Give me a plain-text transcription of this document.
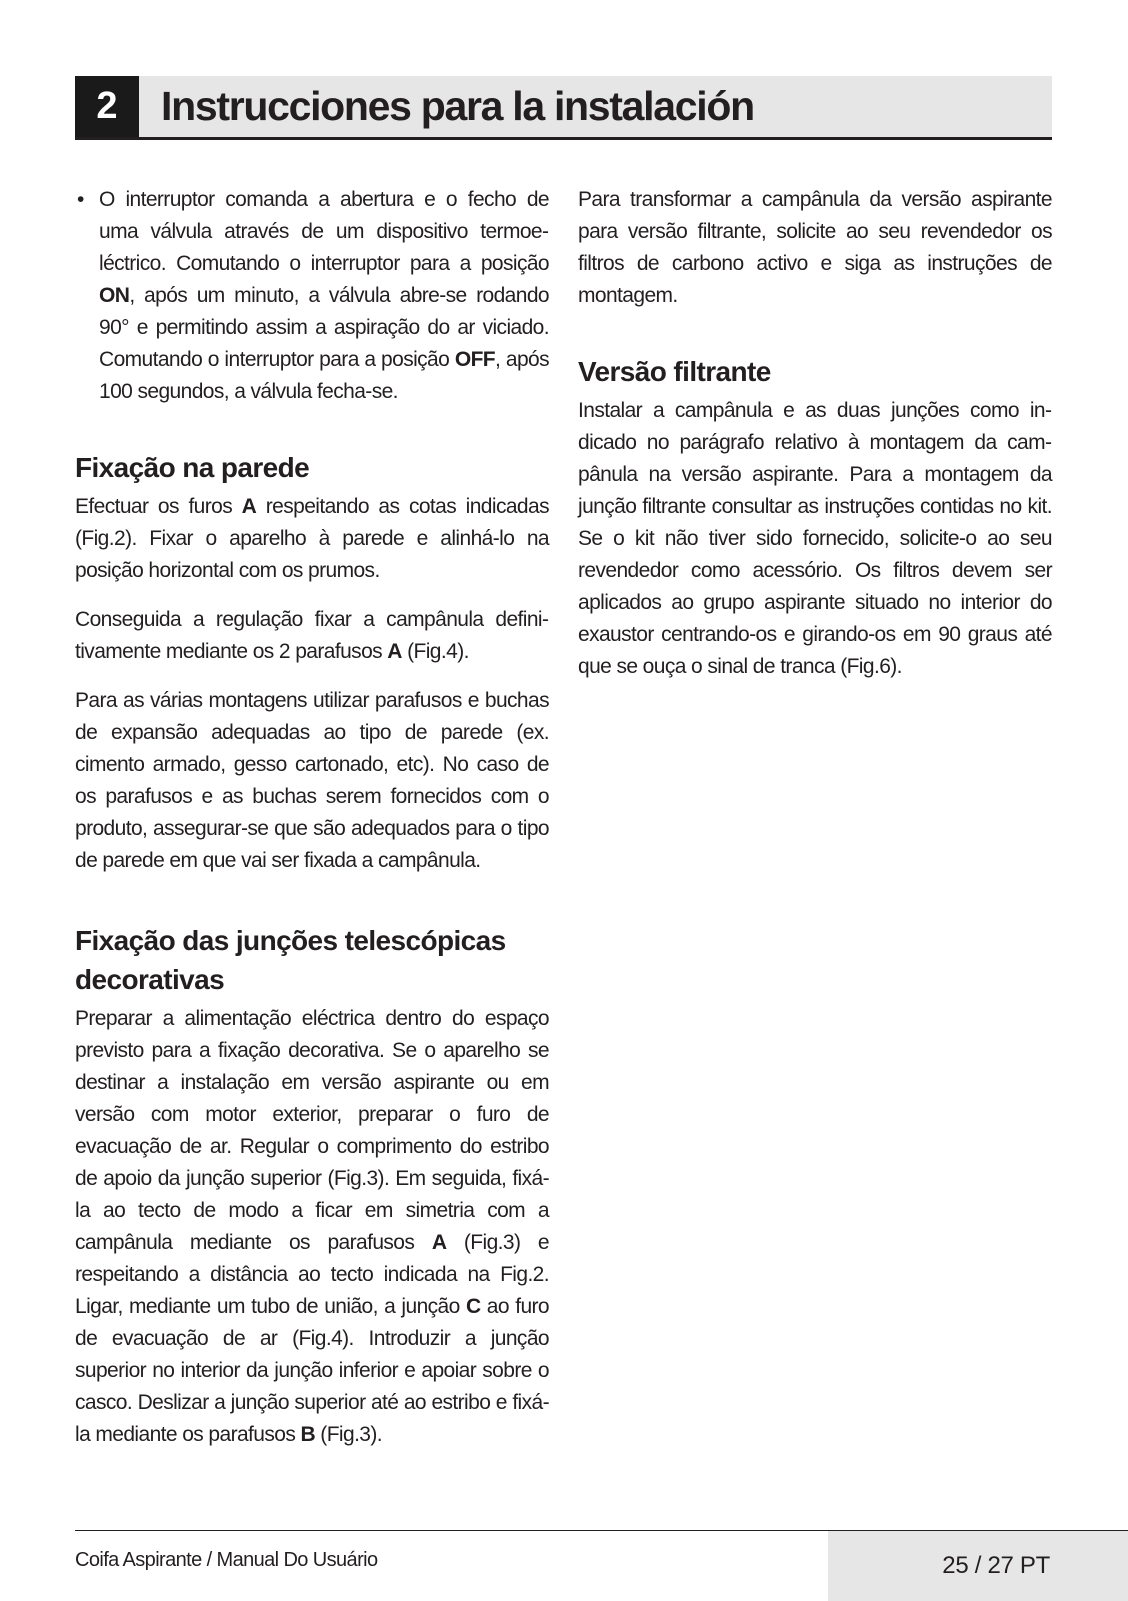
2	Instrucciones para la instalación
• O interruptor comanda a abertura e o fecho de uma válvula através de um dispositivo termoeléctrico. Comutando o interruptor para a posição ON, após um minuto, a válvula abre-se rodando 90° e permitindo assim a aspiração do ar viciado. Comutando o interruptor para a posição OFF, após 100 segundos, a válvula fecha-se.

Fixação na parede

Efectuar os furos A respeitando as cotas indicadas (Fig.2). Fixar o aparelho à parede e alinhá-lo na posição horizontal com os prumos.

Conseguida a regulação fixar a campânula definitivamente mediante os 2 parafusos A (Fig.4).

Para as várias montagens utilizar parafusos e buchas de expansão adequadas ao tipo de parede (ex. cimento armado, gesso cartonado, etc). No caso de os parafusos e as buchas serem fornecidos com o produto, assegurar-se que são adequados para o tipo de parede em que vai ser fixada a campânula.

Fixação das junções telescópicas
decorativas

Preparar a alimentação eléctrica dentro do espaço previsto para a fixação decorativa. Se o aparelho se destinar a instalação em versão aspirante ou em versão com motor exterior, preparar o furo de evacuação de ar. Regular o comprimento do estribo de apoio da junção superior (Fig.3). Em seguida, fixá-la ao tecto de modo a ficar em simetria com a campânula mediante os parafusos A (Fig.3) e respeitando a distância ao tecto indicada na Fig.2. Ligar, mediante um tubo de união, a junção C ao furo de evacuação de ar (Fig.4). Introduzir a junção superior no interior da junção inferior e apoiar sobre o casco. Deslizar a junção superior até ao estribo e fixá-la mediante os parafusos B (Fig.3).

Para transformar a campânula da versão aspirante para versão filtrante, solicite ao seu revendedor os filtros de carbono activo e siga as instruções de montagem.

Versão filtrante

Instalar a campânula e as duas junções como indicado no parágrafo relativo à montagem da campânula na versão aspirante. Para a montagem da junção filtrante consultar as instruções contidas no kit. Se o kit não tiver sido fornecido, solicite-o ao seu revendedor como acessório. Os filtros devem ser aplicados ao grupo aspirante situado no interior do exaustor centrando-os e girando-os em 90 graus até que se ouça o sinal de tranca (Fig.6).

Coifa Aspirante / Manual Do Usuário	25 / 27 PT
